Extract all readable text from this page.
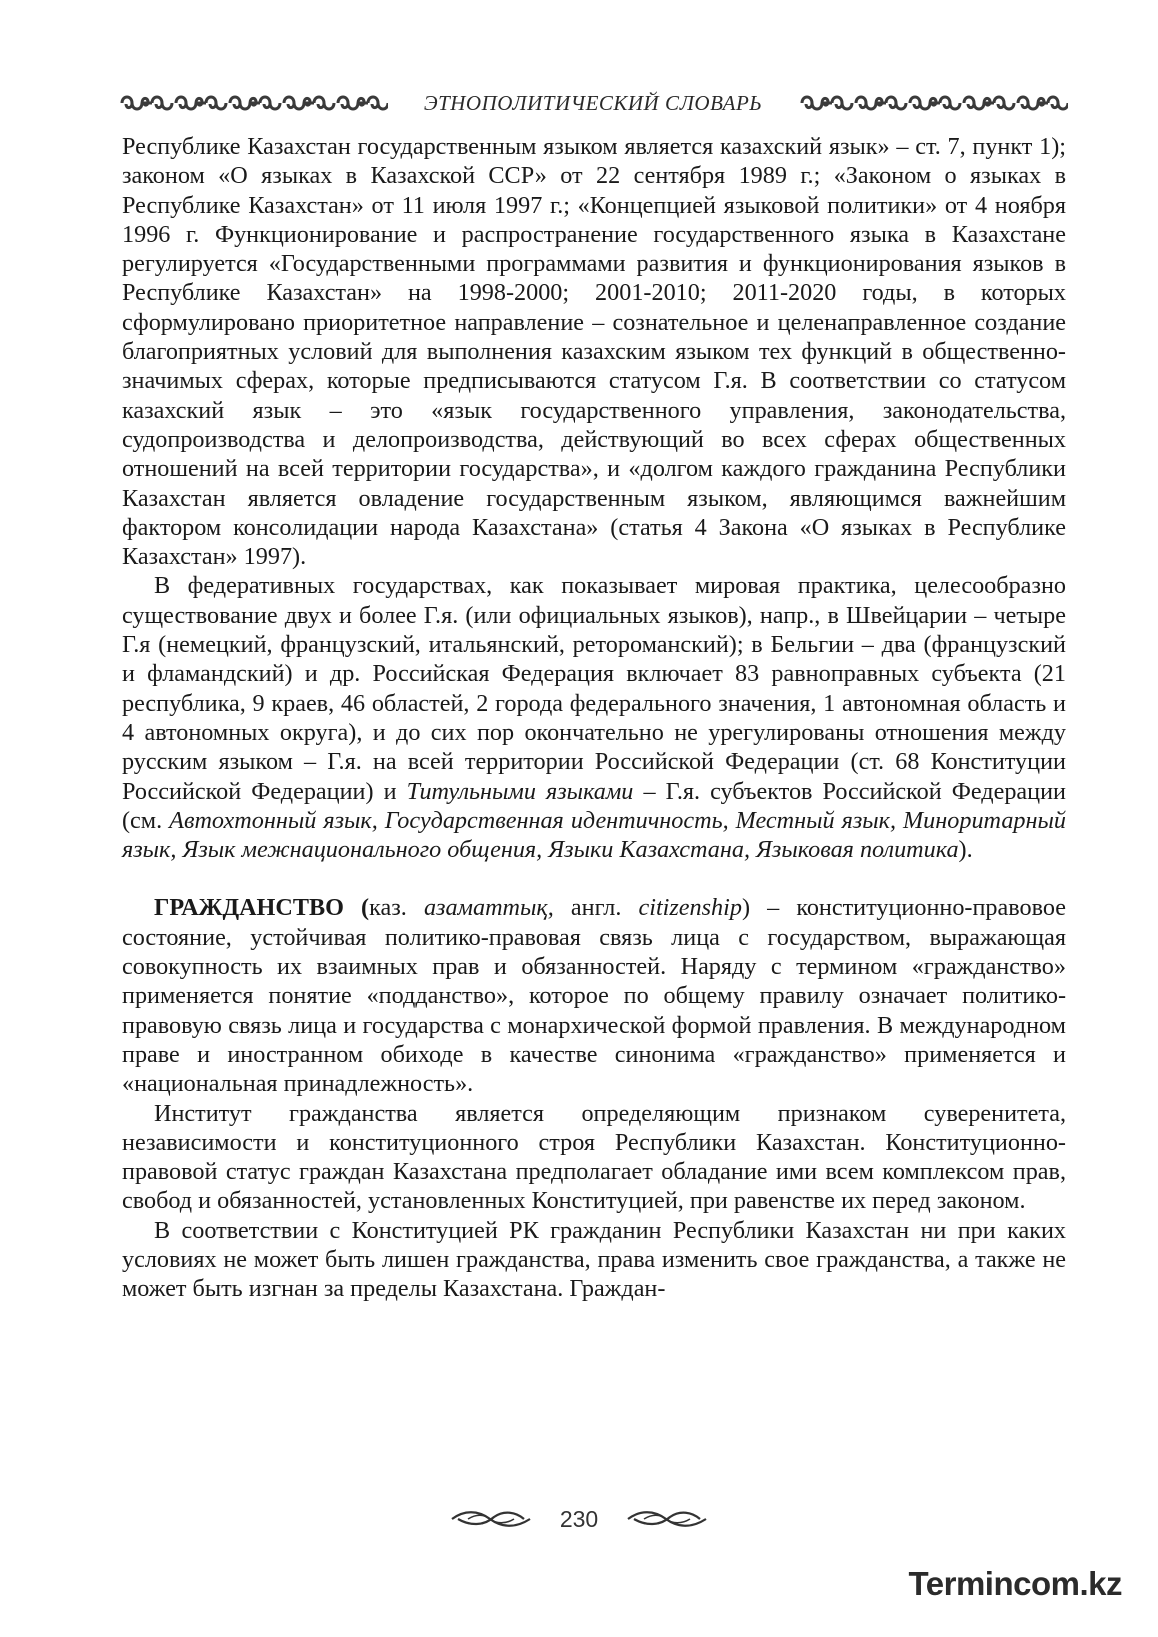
ЭТНОПОЛИТИЧЕСКИЙ СЛОВАРЬ

Республике Казахстан государственным языком является казахский язык» – ст. 7, пункт 1); законом «О языках в Казахской ССР» от 22 сентября 1989 г.; «Законом о языках в Республике Казахстан» от 11 июля 1997 г.; «Концепцией языковой политики» от 4 ноября 1996 г. Функционирование и распространение государственного языка в Казахстане регулируется «Государственными программами развития и функционирования языков в Республике Казахстан» на 1998-2000; 2001-2010; 2011-2020 годы, в которых сформулировано приоритетное направление – сознательное и целенаправленное создание благоприятных условий для выполнения казахским языком тех функций в общественно-значимых сферах, которые предписываются статусом Г.я. В соответствии со статусом казахский язык – это «язык государственного управления, законодательства, судопроизводства и делопроизводства, действующий во всех сферах общественных отношений на всей территории государства», и «долгом каждого гражданина Республики Казахстан является овладение государственным языком, являющимся важнейшим фактором консолидации народа Казахстана» (статья 4 Закона «О языках в Республике Казахстан» 1997).

В федеративных государствах, как показывает мировая практика, целесообразно существование двух и более Г.я. (или официальных языков), напр., в Швейцарии – четыре Г.я (немецкий, французский, итальянский, ретороманский); в Бельгии – два (французский и фламандский) и др. Российская Федерация включает 83 равноправных субъекта (21 республика, 9 краев, 46 областей, 2 города федерального значения, 1 автономная область и 4 автономных округа), и до сих пор окончательно не урегулированы отношения между русским языком – Г.я. на всей территории Российской Федерации (ст. 68 Конституции Российской Федерации) и Титульными языками – Г.я. субъектов Российской Федерации (см. Автохтонный язык, Государственная идентичность, Местный язык, Миноритарный язык, Язык межнационального общения, Языки Казахстана, Языковая политика).

ГРАЖДАНСТВО (каз. азаматтық, англ. citizenship) – конституционно-правовое состояние, устойчивая политико-правовая связь лица с государством, выражающая совокупность их взаимных прав и обязанностей. Наряду с термином «гражданство» применяется понятие «подданство», которое по общему правилу означает политико-правовую связь лица и государства с монархической формой правления. В международном праве и иностранном обиходе в качестве синонима «гражданство» применяется и «национальная принадлежность».

Институт гражданства является определяющим признаком суверенитета, независимости и конституционного строя Республики Казахстан. Конституционно-правовой статус граждан Казахстана предполагает обладание ими всем комплексом прав, свобод и обязанностей, установленных Конституцией, при равенстве их перед законом.

В соответствии с Конституцией РК гражданин Республики Казахстан ни при каких условиях не может быть лишен гражданства, права изменить свое гражданства, а также не может быть изгнан за пределы Казахстана. Граждан-

230
Termincom.kz
